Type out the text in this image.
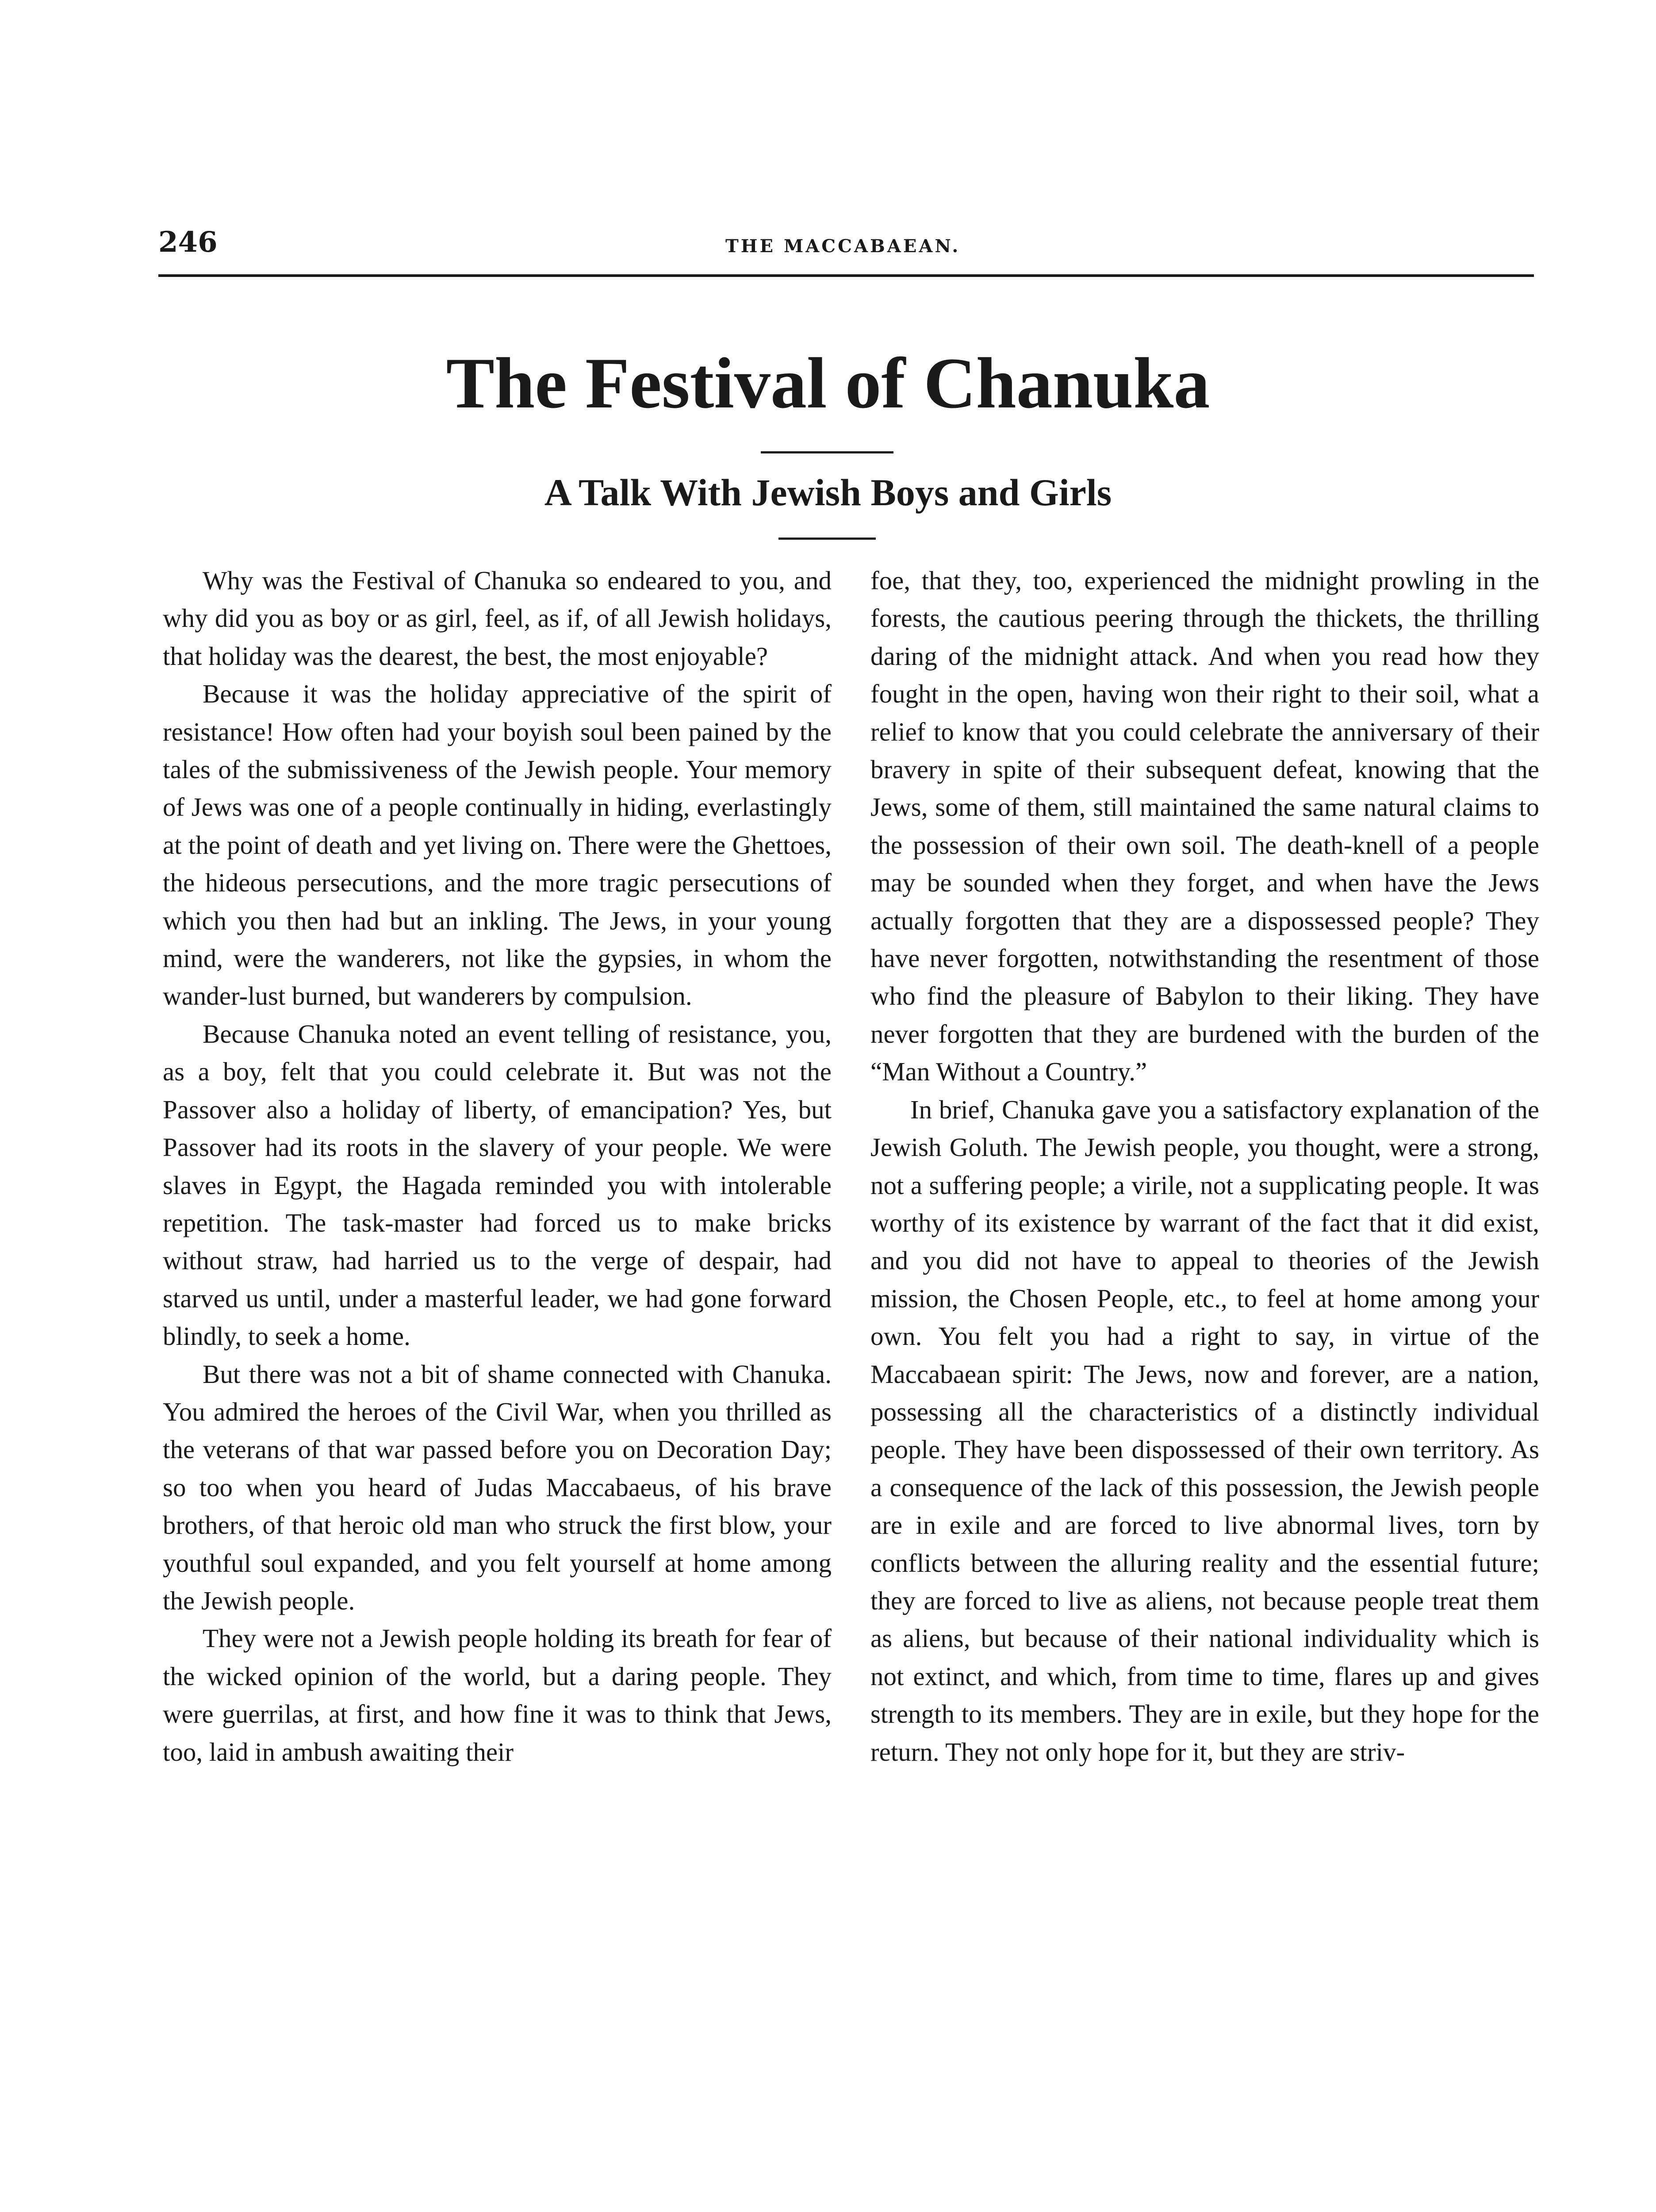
246	THE MACCABAEAN.
The Festival of Chanuka
A Talk With Jewish Boys and Girls

Why was the Festival of Chanuka so endeared to you, and why did you as boy or as girl, feel, as if, of all Jewish holidays, that holiday was the dearest, the best, the most enjoyable?

Because it was the holiday appreciative of the spirit of resistance! How often had your boyish soul been pained by the tales of the submissiveness of the Jewish people. Your memory of Jews was one of a people continually in hiding, everlastingly at the point of death and yet living on. There were the Ghettoes, the hideous persecutions, and the more tragic persecutions of which you then had but an inkling. The Jews, in your young mind, were the wanderers, not like the gypsies, in whom the wander-lust burned, but wanderers by compulsion.

Because Chanuka noted an event telling of resistance, you, as a boy, felt that you could celebrate it. But was not the Passover also a holiday of liberty, of emancipation? Yes, but Passover had its roots in the slavery of your people. We were slaves in Egypt, the Hagada reminded you with intolerable repetition. The task-master had forced us to make bricks without straw, had harried us to the verge of despair, had starved us until, under a masterful leader, we had gone forward blindly, to seek a home.

But there was not a bit of shame connected with Chanuka. You admired the heroes of the Civil War, when you thrilled as the veterans of that war passed before you on Decoration Day; so too when you heard of Judas Maccabaeus, of his brave brothers, of that heroic old man who struck the first blow, your youthful soul expanded, and you felt yourself at home among the Jewish people.

They were not a Jewish people holding its breath for fear of the wicked opinion of the world, but a daring people. They were guerrilas, at first, and how fine it was to think that Jews, too, laid in ambush awaiting their

foe, that they, too, experienced the midnight prowling in the forests, the cautious peering through the thickets, the thrilling daring of the midnight attack. And when you read how they fought in the open, having won their right to their soil, what a relief to know that you could celebrate the anniversary of their bravery in spite of their subsequent defeat, knowing that the Jews, some of them, still maintained the same natural claims to the possession of their own soil. The death-knell of a people may be sounded when they forget, and when have the Jews actually forgotten that they are a dispossessed people? They have never forgotten, notwithstanding the resentment of those who find the pleasure of Babylon to their liking. They have never forgotten that they are burdened with the burden of the “Man Without a Country.”

In brief, Chanuka gave you a satisfactory explanation of the Jewish Goluth. The Jewish people, you thought, were a strong, not a suffering people; a virile, not a supplicating people. It was worthy of its existence by warrant of the fact that it did exist, and you did not have to appeal to theories of the Jewish mission, the Chosen People, etc., to feel at home among your own. You felt you had a right to say, in virtue of the Maccabaean spirit: The Jews, now and forever, are a nation, possessing all the characteristics of a distinctly individual people. They have been dispossessed of their own territory. As a consequence of the lack of this possession, the Jewish people are in exile and are forced to live abnormal lives, torn by conflicts between the alluring reality and the essential future; they are forced to live as aliens, not because people treat them as aliens, but because of their national individuality which is not extinct, and which, from time to time, flares up and gives strength to its members. They are in exile, but they hope for the return. They not only hope for it, but they are striv-
